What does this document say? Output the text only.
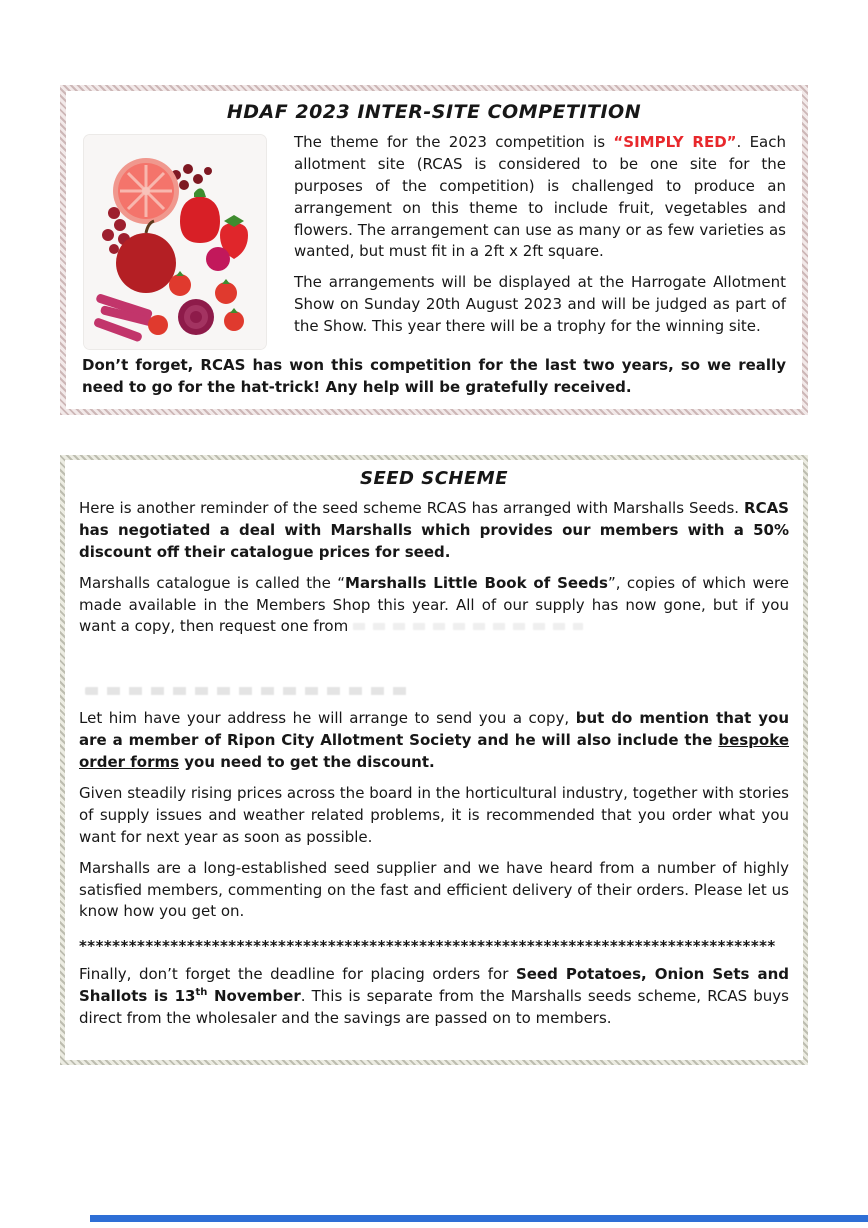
HDAF 2023 INTER-SITE COMPETITION

The theme for the 2023 competition is “SIMPLY RED”. Each allotment site (RCAS is considered to be one site for the purposes of the competition) is challenged to produce an arrangement on this theme to include fruit, vegetables and flowers. The arrangement can use as many or as few varieties as wanted, but must fit in a 2ft x 2ft square.

The arrangements will be displayed at the Harrogate Allotment Show on Sunday 20th August 2023 and will be judged as part of the Show. This year there will be a trophy for the winning site.

Don’t forget, RCAS has won this competition for the last two years, so we really need to go for the hat-trick! Any help will be gratefully received.

SEED SCHEME

Here is another reminder of the seed scheme RCAS has arranged with Marshalls Seeds. RCAS has negotiated a deal with Marshalls which provides our members with a 50% discount off their catalogue prices for seed.

Marshalls catalogue is called the “Marshalls Little Book of Seeds”, copies of which were made available in the Members Shop this year. All of our supply has now gone, but if you want a copy, then request one from

Let him have your address he will arrange to send you a copy, but do mention that you are a member of Ripon City Allotment Society and he will also include the bespoke order forms you need to get the discount.

Given steadily rising prices across the board in the horticultural industry, together with stories of supply issues and weather related problems, it is recommended that you order what you want for next year as soon as possible.

Marshalls are a long-established seed supplier and we have heard from a number of highly satisfied members, commenting on the fast and efficient delivery of their orders. Please let us know how you get on.

************************************************************************************

Finally, don’t forget the deadline for placing orders for Seed Potatoes, Onion Sets and Shallots is 13th November. This is separate from the Marshalls seeds scheme, RCAS buys direct from the wholesaler and the savings are passed on to members.
